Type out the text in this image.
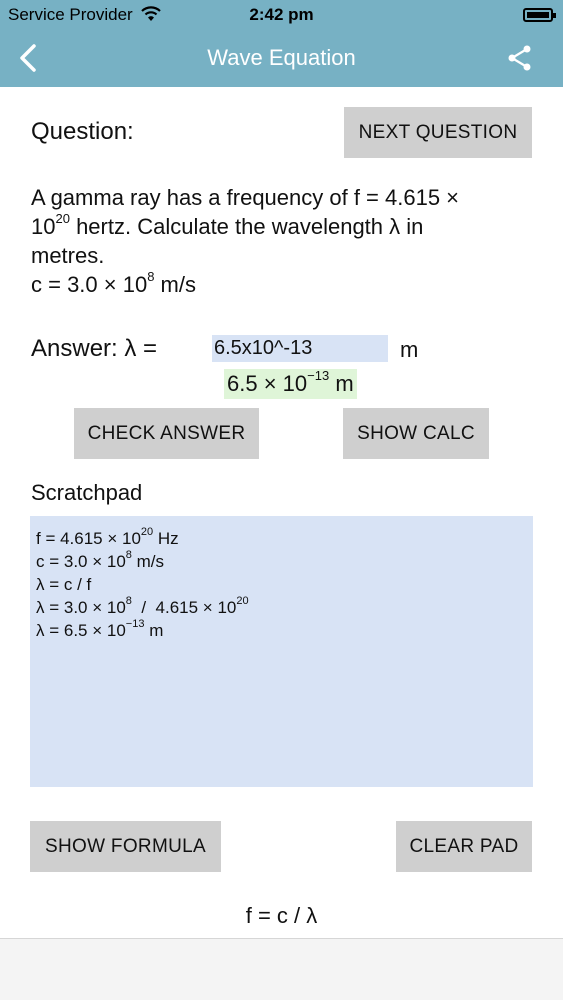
Service Provider	2:42 pm
Wave Equation
Question:	NEXT QUESTION
A gamma ray has a frequency of f = 4.615 ×
$10^{20}$ hertz. Calculate the wavelength λ in
metres.
$c = 3.0 \times 10^8$ m/s
Answer: λ =
6.5x10^-13	m
$6.5 \times 10^{-13}$ m
CHECK ANSWER	SHOW CALC
Scratchpad
$f = 4.615 \times 10^{20}$ Hz
$c = 3.0 \times 10^8$ m/s
λ = c / f
$\lambda = 3.0 \times 10^8 / 4.615 \times 10^{20}$
$\lambda = 6.5 \times 10^{-13}$ m
SHOW FORMULA	CLEAR PAD
f = c / λ
